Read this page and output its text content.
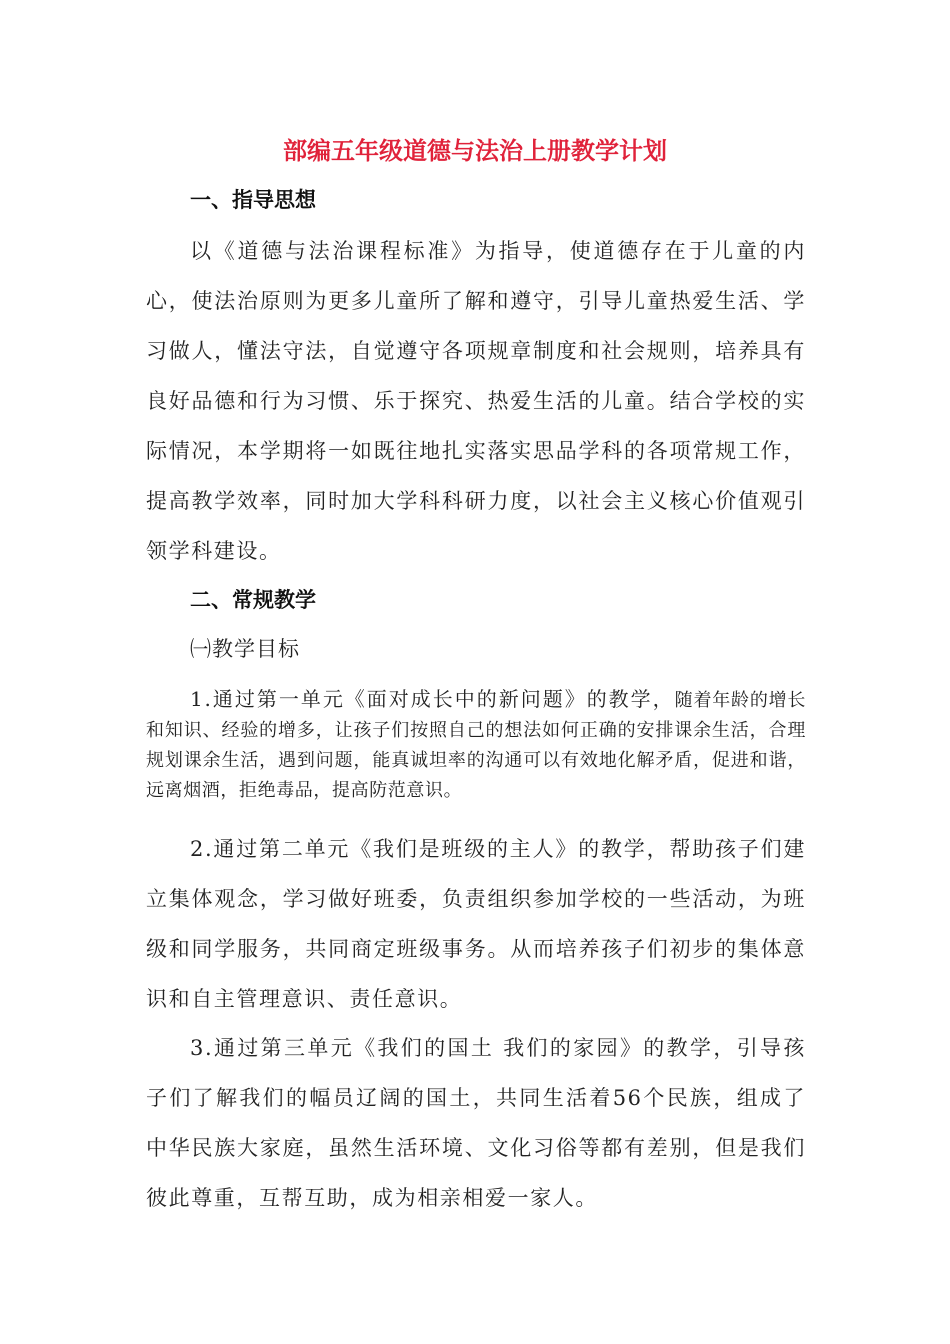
部编五年级道德与法治上册教学计划
一、指导思想

以《道德与法治课程标准》为指导，使道德存在于儿童的内心，使法治原则为更多儿童所了解和遵守，引导儿童热爱生活、学习做人，懂法守法，自觉遵守各项规章制度和社会规则，培养具有良好品德和行为习惯、乐于探究、热爱生活的儿童。结合学校的实际情况，本学期将一如既往地扎实落实思品学科的各项常规工作，提高教学效率，同时加大学科科研力度，以社会主义核心价值观引领学科建设。

二、常规教学
㈠教学目标

1.通过第一单元《面对成长中的新问题》的教学，随着年龄的增长和知识、经验的增多，让孩子们按照自己的想法如何正确的安排课余生活，合理规划课余生活，遇到问题，能真诚坦率的沟通可以有效地化解矛盾，促进和谐，远离烟酒，拒绝毒品，提高防范意识。

2.通过第二单元《我们是班级的主人》的教学，帮助孩子们建立集体观念，学习做好班委，负责组织参加学校的一些活动，为班级和同学服务，共同商定班级事务。从而培养孩子们初步的集体意识和自主管理意识、责任意识。

3.通过第三单元《我们的国土 我们的家园》的教学，引导孩子们了解我们的幅员辽阔的国土，共同生活着56个民族，组成了中华民族大家庭，虽然生活环境、文化习俗等都有差别，但是我们彼此尊重，互帮互助，成为相亲相爱一家人。
